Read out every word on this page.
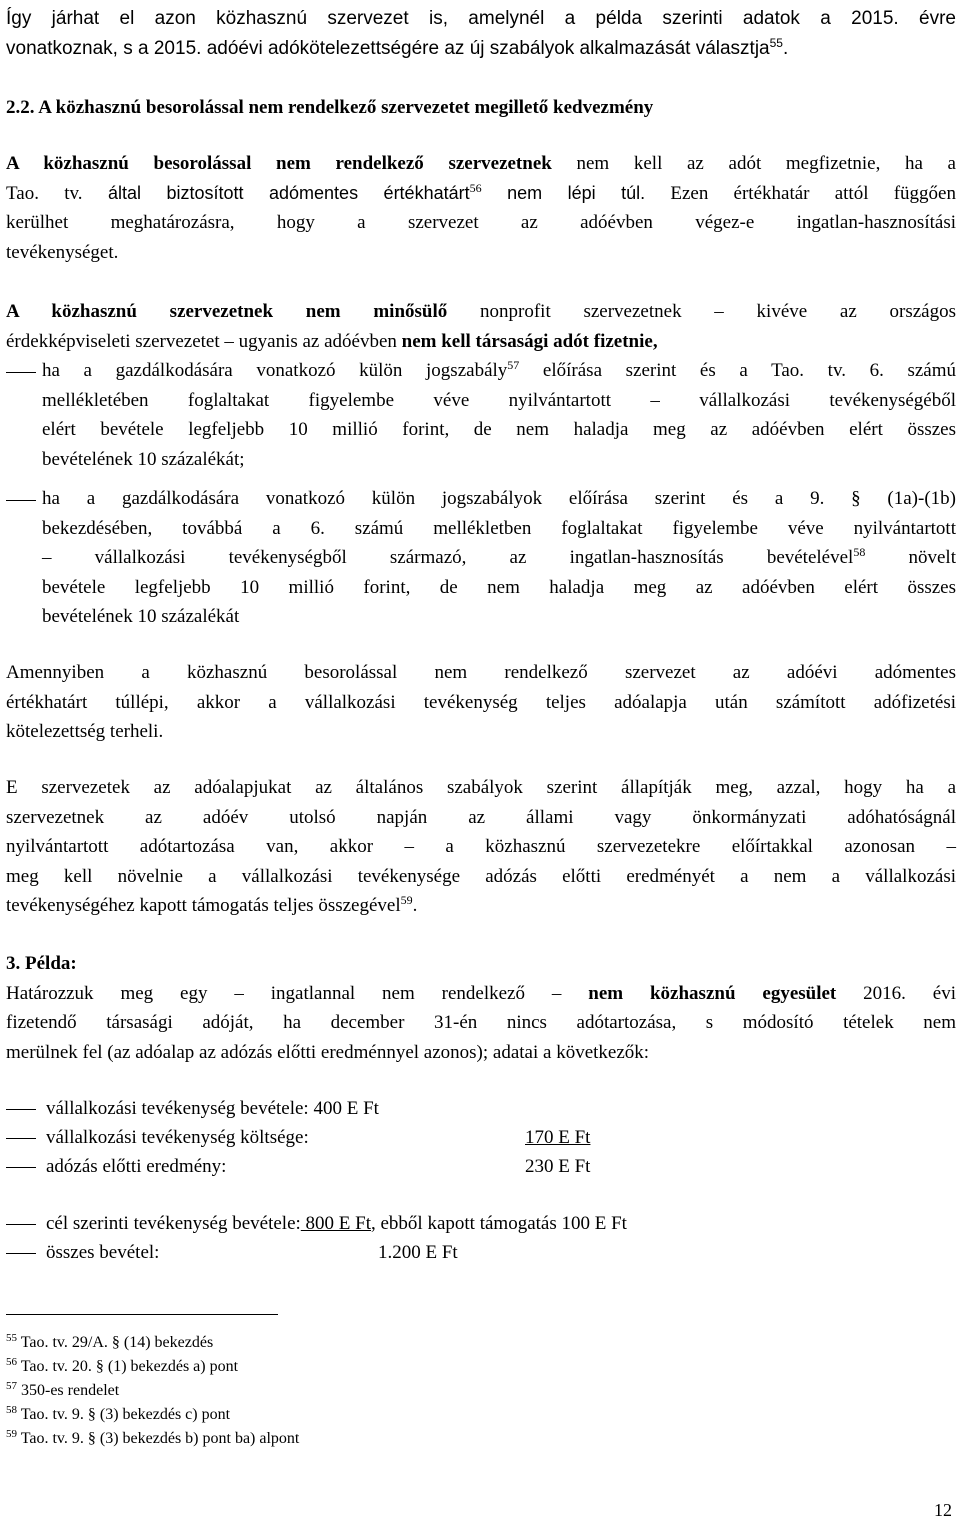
Így járhat el azon közhasznú szervezet is, amelynél a példa szerinti adatok a 2015. évre
vonatkoznak, s a 2015. adóévi adókötelezettségére az új szabályok alkalmazását választja$^{55}$.
2.2. A közhasznú besorolással nem rendelkező szervezetet megillető kedvezmény
A közhasznú besorolással nem rendelkező szervezetnek nem kell az adót megfizetnie, ha a
Tao. tv. által biztosított adómentes értékhatárt$^{56}$ nem lépi túl. Ezen értékhatár attól függően
kerülhet meghatározásra, hogy a szervezet az adóévben végez-e ingatlan-hasznosítási
tevékenységet.
A közhasznú szervezetnek nem minősülő nonprofit szervezetnek – kivéve az országos
érdekképviseleti szervezetet – ugyanis az adóévben nem kell társasági adót fizetnie,
ha a gazdálkodására vonatkozó külön jogszabály$^{57}$ előírása szerint és a Tao. tv. 6. számú
mellékletében foglaltakat figyelembe véve nyilvántartott – vállalkozási tevékenységéből
elért bevétele legfeljebb 10 millió forint, de nem haladja meg az adóévben elért összes
bevételének 10 százalékát;
ha a gazdálkodására vonatkozó külön jogszabályok előírása szerint és a 9. § (1a)-(1b)
bekezdésében, továbbá a 6. számú mellékletben foglaltakat figyelembe véve nyilvántartott
– vállalkozási tevékenységből származó, az ingatlan-hasznosítás bevételével$^{58}$ növelt
bevétele legfeljebb 10 millió forint, de nem haladja meg az adóévben elért összes
bevételének 10 százalékát
Amennyiben a közhasznú besorolással nem rendelkező szervezet az adóévi adómentes
értékhatárt túllépi, akkor a vállalkozási tevékenység teljes adóalapja után számított adófizetési
kötelezettség terheli.
E szervezetek az adóalapjukat az általános szabályok szerint állapítják meg, azzal, hogy ha a
szervezetnek az adóév utolsó napján az állami vagy önkormányzati adóhatóságnál
nyilvántartott adótartozása van, akkor – a közhasznú szervezetekre előírtakkal azonosan –
meg kell növelnie a vállalkozási tevékenysége adózás előtti eredményét a nem a vállalkozási
tevékenységéhez kapott támogatás teljes összegével$^{59}$.
3. Példa:
Határozzuk meg egy – ingatlannal nem rendelkező – nem közhasznú egyesület 2016. évi
fizetendő társasági adóját, ha december 31-én nincs adótartozása, s módosító tételek nem
merülnek fel (az adóalap az adózás előtti eredménnyel azonos); adatai a következők:
vállalkozási tevékenység bevétele: 400 E Ft
vállalkozási tevékenység költsége:	170 E Ft
adózás előtti eredmény:	230 E Ft
cél szerinti tevékenység bevétele: 800 E Ft, ebből kapott támogatás 100 E Ft
összes bevétel:	1.200 E Ft
$^{55}$ Tao. tv. 29/A. § (14) bekezdés
$^{56}$ Tao. tv. 20. § (1) bekezdés a) pont
$^{57}$ 350-es rendelet
$^{58}$ Tao. tv. 9. § (3) bekezdés c) pont
$^{59}$ Tao. tv. 9. § (3) bekezdés b) pont ba) alpont
12
